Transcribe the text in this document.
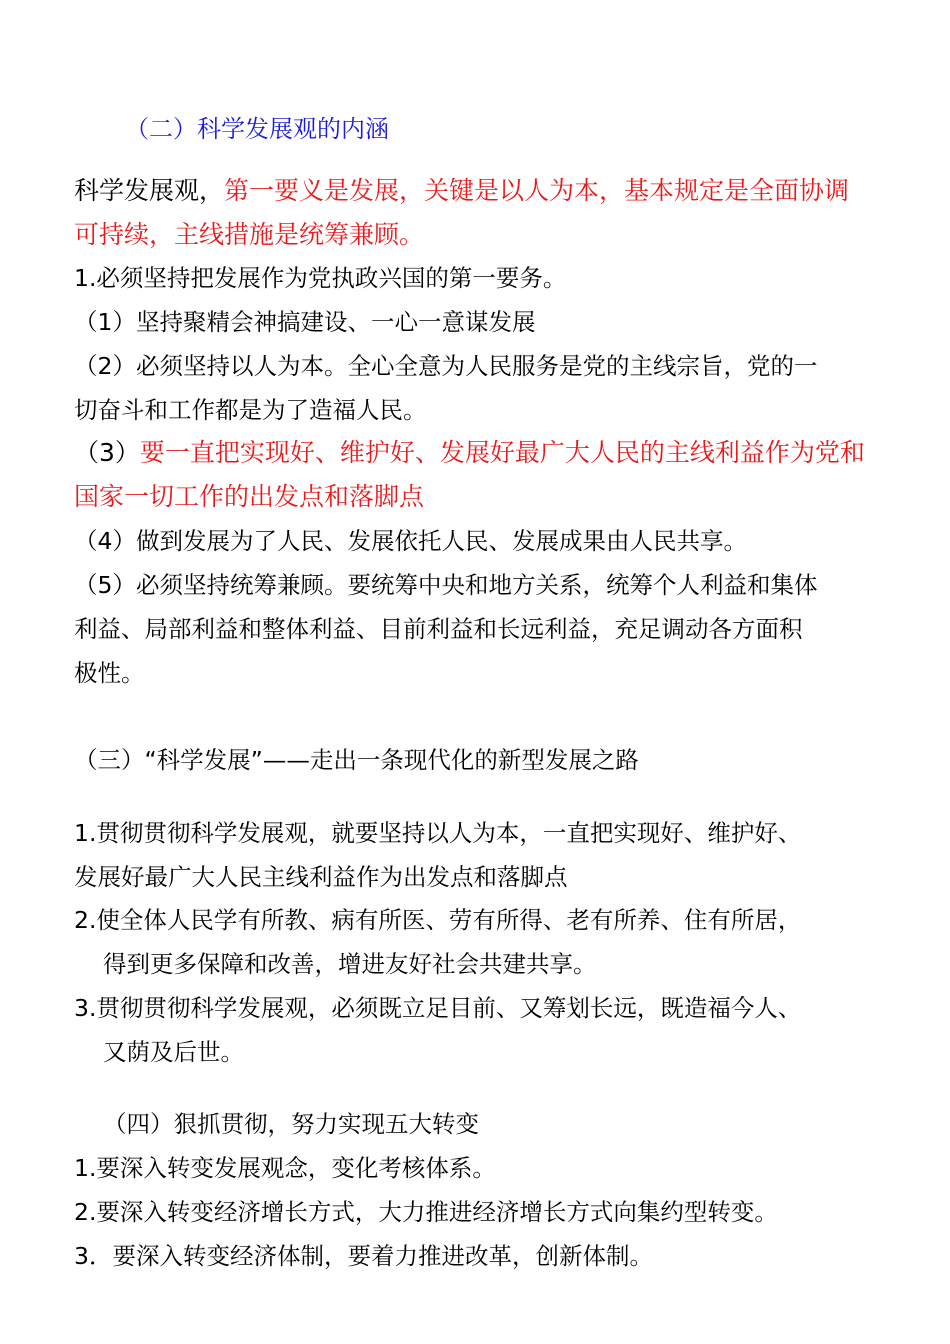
（二）科学发展观的内涵
科学发展观，第一要义是发展，关键是以人为本，基本规定是全面协调
可持续，主线措施是统筹兼顾。
1.必须坚持把发展作为党执政兴国的第一要务。
（1）坚持聚精会神搞建设、一心一意谋发展
（2）必须坚持以人为本。全心全意为人民服务是党的主线宗旨，党的一
切奋斗和工作都是为了造福人民。
（3）要一直把实现好、维护好、发展好最广大人民的主线利益作为党和
国家一切工作的出发点和落脚点
（4）做到发展为了人民、发展依托人民、发展成果由人民共享。
（5）必须坚持统筹兼顾。要统筹中央和地方关系，统筹个人利益和集体
利益、局部利益和整体利益、目前利益和长远利益，充足调动各方面积
极性。
（三）“科学发展”——走出一条现代化的新型发展之路
1.贯彻贯彻科学发展观，就要坚持以人为本，一直把实现好、维护好、
发展好最广大人民主线利益作为出发点和落脚点
2.使全体人民学有所教、病有所医、劳有所得、老有所养、住有所居，
得到更多保障和改善，增进友好社会共建共享。
3.贯彻贯彻科学发展观，必须既立足目前、又筹划长远，既造福今人、
又荫及后世。
（四）狠抓贯彻，努力实现五大转变
1.要深入转变发展观念，变化考核体系。
2.要深入转变经济增长方式，大力推进经济增长方式向集约型转变。
3．要深入转变经济体制，要着力推进改革，创新体制。
